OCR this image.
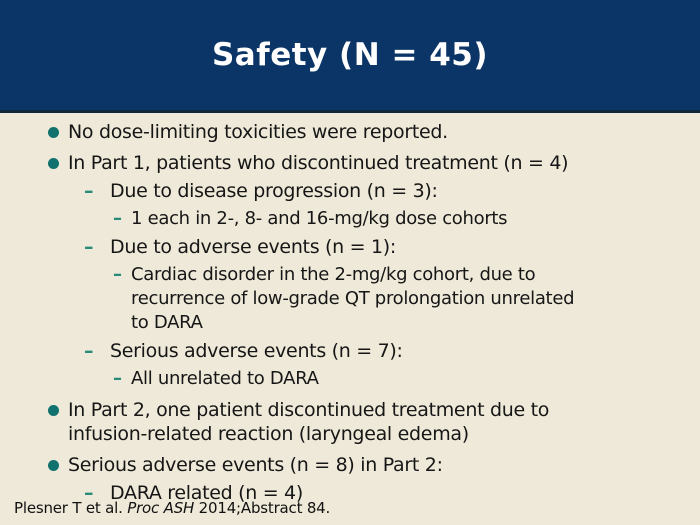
Safety (N = 45)
No dose-limiting toxicities were reported.
In Part 1, patients who discontinued treatment (n = 4)
– Due to disease progression (n = 3):
– 1 each in 2-, 8- and 16-mg/kg dose cohorts
– Due to adverse events (n = 1):
– Cardiac disorder in the 2-mg/kg cohort, due to
recurrence of low-grade QT prolongation unrelated
to DARA
– Serious adverse events (n = 7):
– All unrelated to DARA
In Part 2, one patient discontinued treatment due to
infusion-related reaction (laryngeal edema)
Serious adverse events (n = 8) in Part 2:
– DARA related (n = 4)
Plesner T et al. Proc ASH 2014;Abstract 84.
